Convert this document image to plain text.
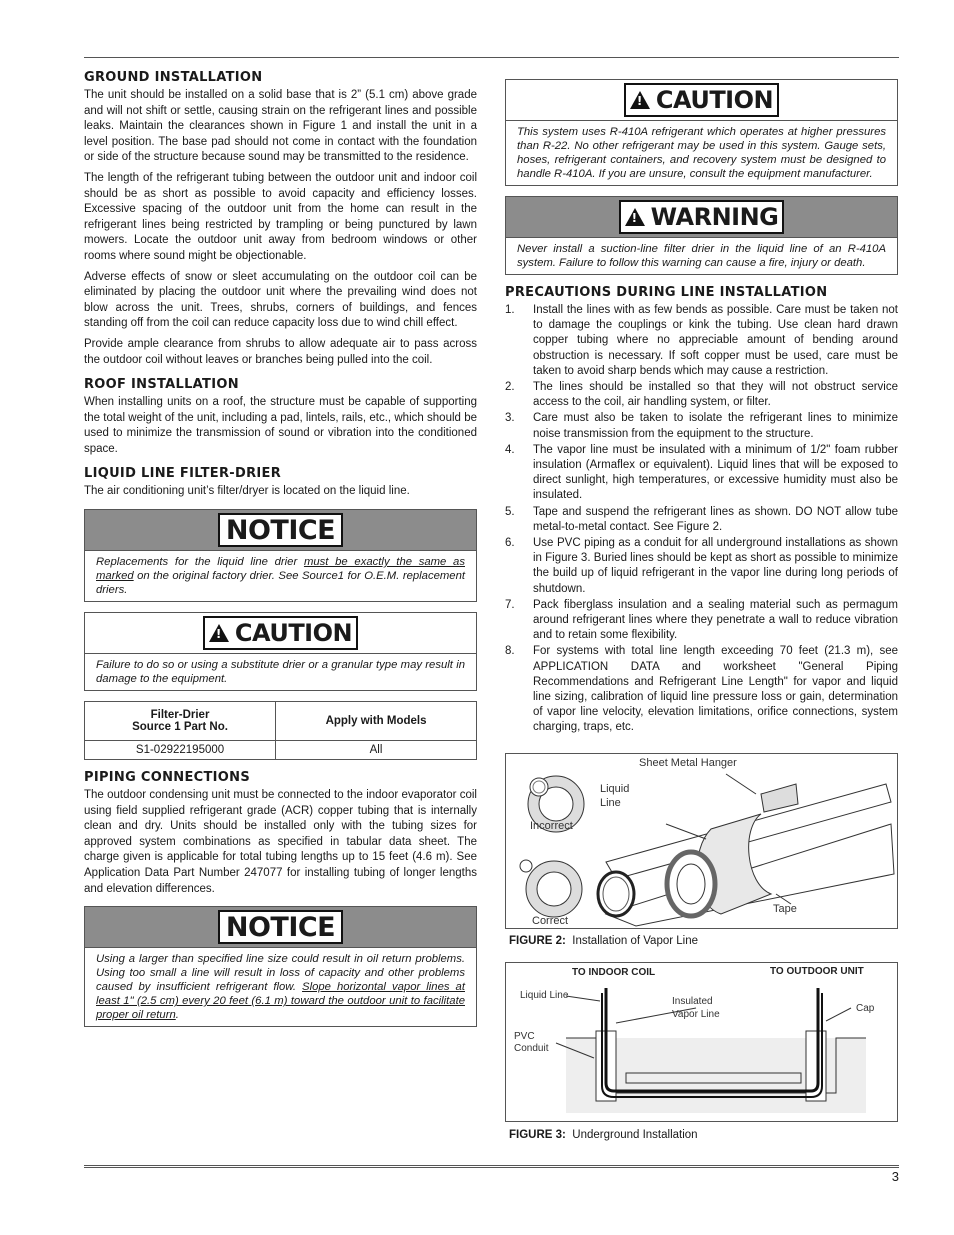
GROUND INSTALLATION

The unit should be installed on a solid base that is 2” (5.1 cm) above grade and will not shift or settle, causing strain on the refrigerant lines and possible leaks. Maintain the clearances shown in Figure 1 and install the unit in a level position. The base pad should not come in contact with the foundation or side of the structure because sound may be transmitted to the residence.

The length of the refrigerant tubing between the outdoor unit and indoor coil should be as short as possible to avoid capacity and efficiency losses. Excessive spacing of the outdoor unit from the home can result in the refrigerant lines being restricted by trampling or being punctured by lawn mowers. Locate the outdoor unit away from bedroom windows or other rooms where sound might be objectionable.

Adverse effects of snow or sleet accumulating on the outdoor coil can be eliminated by placing the outdoor unit where the prevailing wind does not blow across the unit. Trees, shrubs, corners of buildings, and fences standing off from the coil can reduce capacity loss due to wind chill effect.

Provide ample clearance from shrubs to allow adequate air to pass across the outdoor coil without leaves or branches being pulled into the coil.

ROOF INSTALLATION

When installing units on a roof, the structure must be capable of supporting the total weight of the unit, including a pad, lintels, rails, etc., which should be used to minimize the transmission of sound or vibration into the conditioned space.

LIQUID LINE FILTER-DRIER

The air conditioning unit’s filter/dryer is located on the liquid line.

NOTICE
Replacements for the liquid line drier must be exactly the same as marked on the original factory drier. See Source1 for O.E.M. replacement driers.
!
CAUTION
Failure to do so or using a substitute drier or a granular type may result in damage to the equipment.
Filter-Drier
Source 1 Part No.	Apply with Models
S1-02922195000	All
PIPING CONNECTIONS

The outdoor condensing unit must be connected to the indoor evaporator coil using field supplied refrigerant grade (ACR) copper tubing that is internally clean and dry. Units should be installed only with the tubing sizes for approved system combinations as specified in tabular data sheet. The charge given is applicable for total tubing lengths up to 15 feet (4.6 m). See Application Data Part Number 247077 for installing tubing of longer lengths and elevation differences.

NOTICE
Using a larger than specified line size could result in oil return problems. Using too small a line will result in loss of capacity and other problems caused by insufficient refrigerant flow. Slope horizontal vapor lines at least 1" (2.5 cm) every 20 feet (6.1 m) toward the outdoor unit to facilitate proper oil return.
!
CAUTION
This system uses R-410A refrigerant which operates at higher pressures than R-22. No other refrigerant may be used in this system. Gauge sets, hoses, refrigerant containers, and recovery system must be designed to handle R-410A. If you are unsure, consult the equipment manufacturer.
!
WARNING
Never install a suction-line filter drier in the liquid line of an R-410A system. Failure to follow this warning can cause a fire, injury or death.
PRECAUTIONS DURING LINE INSTALLATION
1. Install the lines with as few bends as possible. Care must be taken not to damage the couplings or kink the tubing. Use clean hard drawn copper tubing where no appreciable amount of bending around obstruction is necessary. If soft copper must be used, care must be taken to avoid sharp bends which may cause a restriction.
2. The lines should be installed so that they will not obstruct service access to the coil, air handling system, or filter.
3. Care must also be taken to isolate the refrigerant lines to minimize noise transmission from the equipment to the structure.
4. The vapor line must be insulated with a minimum of 1/2" foam rubber insulation (Armaflex or equivalent). Liquid lines that will be exposed to direct sunlight, high temperatures, or excessive humidity must also be insulated.
5. Tape and suspend the refrigerant lines as shown. DO NOT allow tube metal-to-metal contact. See Figure 2.
6. Use PVC piping as a conduit for all underground installations as shown in Figure 3. Buried lines should be kept as short as possible to minimize the build up of liquid refrigerant in the vapor line during long periods of shutdown.
7. Pack fiberglass insulation and a sealing material such as permagum around refrigerant lines where they penetrate a wall to reduce vibration and to retain some flexibility.
8. For systems with total line length exceeding 70 feet (21.3 m), see APPLICATION DATA and worksheet "General Piping Recommendations and Refrigerant Line Length" for vapor and liquid line sizing, calibration of liquid line pressure loss or gain, determination of vapor line velocity, elevation limitations, orifice connections, system charging, traps, etc.
Sheet Metal Hanger
Liquid
Line
Incorrect
Correct
Tape
FIGURE 2: Installation of Vapor Line
TO INDOOR COIL	TO OUTDOOR UNIT
Liquid Line
Insulated
Vapor Line
Cap
PVC
Conduit
FIGURE 3: Underground Installation
3
